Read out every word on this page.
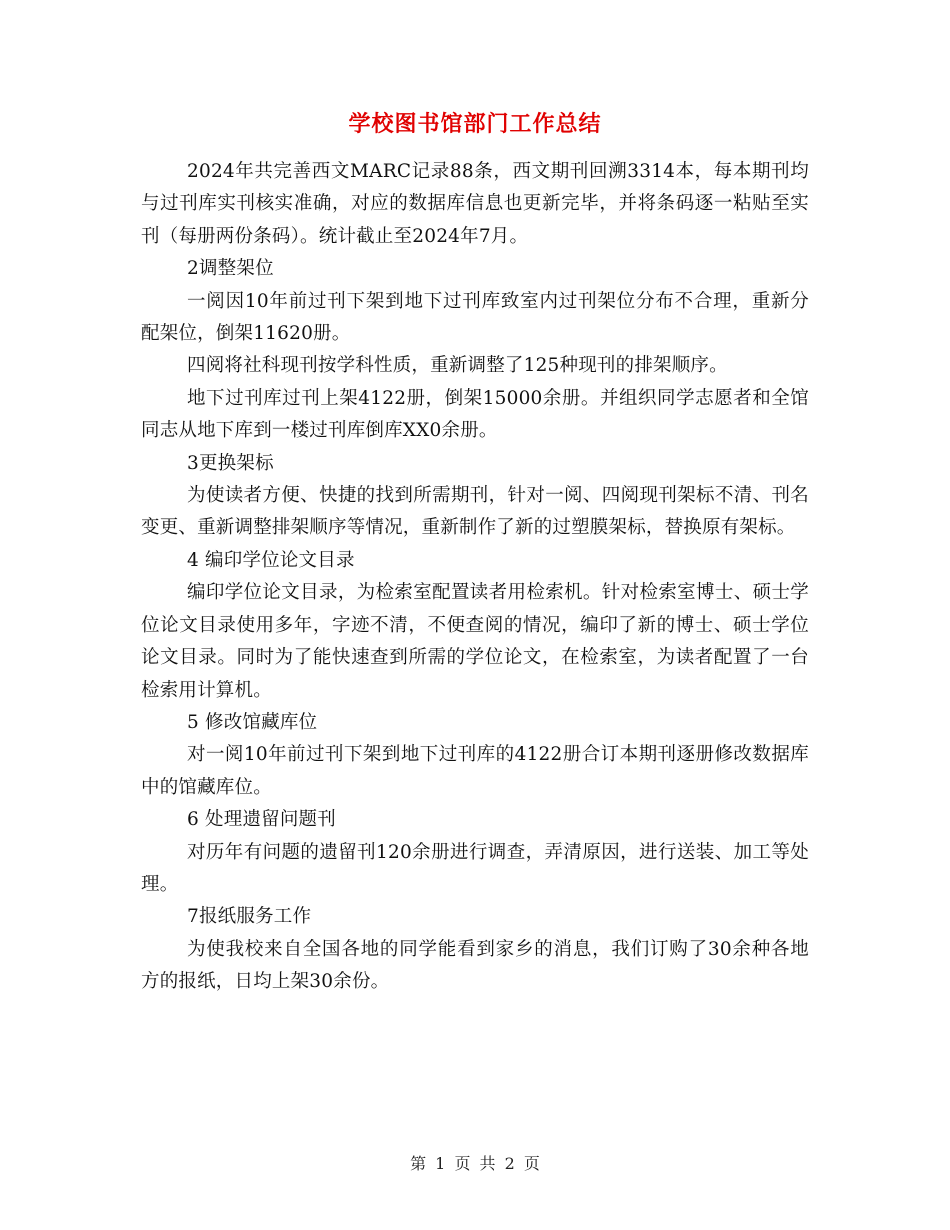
学校图书馆部门工作总结

2024年共完善西文MARC记录88条，西文期刊回溯3314本，每本期刊均与过刊库实刊核实准确，对应的数据库信息也更新完毕，并将条码逐一粘贴至实刊（每册两份条码）。统计截止至2024年7月。

2调整架位

一阅因10年前过刊下架到地下过刊库致室内过刊架位分布不合理，重新分配架位，倒架11620册。

四阅将社科现刊按学科性质，重新调整了125种现刊的排架顺序。

地下过刊库过刊上架4122册，倒架15000余册。并组织同学志愿者和全馆同志从地下库到一楼过刊库倒库XX0余册。

3更换架标

为使读者方便、快捷的找到所需期刊，针对一阅、四阅现刊架标不清、刊名变更、重新调整排架顺序等情况，重新制作了新的过塑膜架标，替换原有架标。

4 编印学位论文目录

编印学位论文目录，为检索室配置读者用检索机。针对检索室博士、硕士学位论文目录使用多年，字迹不清，不便查阅的情况，编印了新的博士、硕士学位论文目录。同时为了能快速查到所需的学位论文，在检索室，为读者配置了一台检索用计算机。

5 修改馆藏库位

对一阅10年前过刊下架到地下过刊库的4122册合订本期刊逐册修改数据库中的馆藏库位。

6 处理遗留问题刊

对历年有问题的遗留刊120余册进行调查，弄清原因，进行送装、加工等处理。

7报纸服务工作

为使我校来自全国各地的同学能看到家乡的消息，我们订购了30余种各地方的报纸，日均上架30余份。

第 1 页 共 2 页
